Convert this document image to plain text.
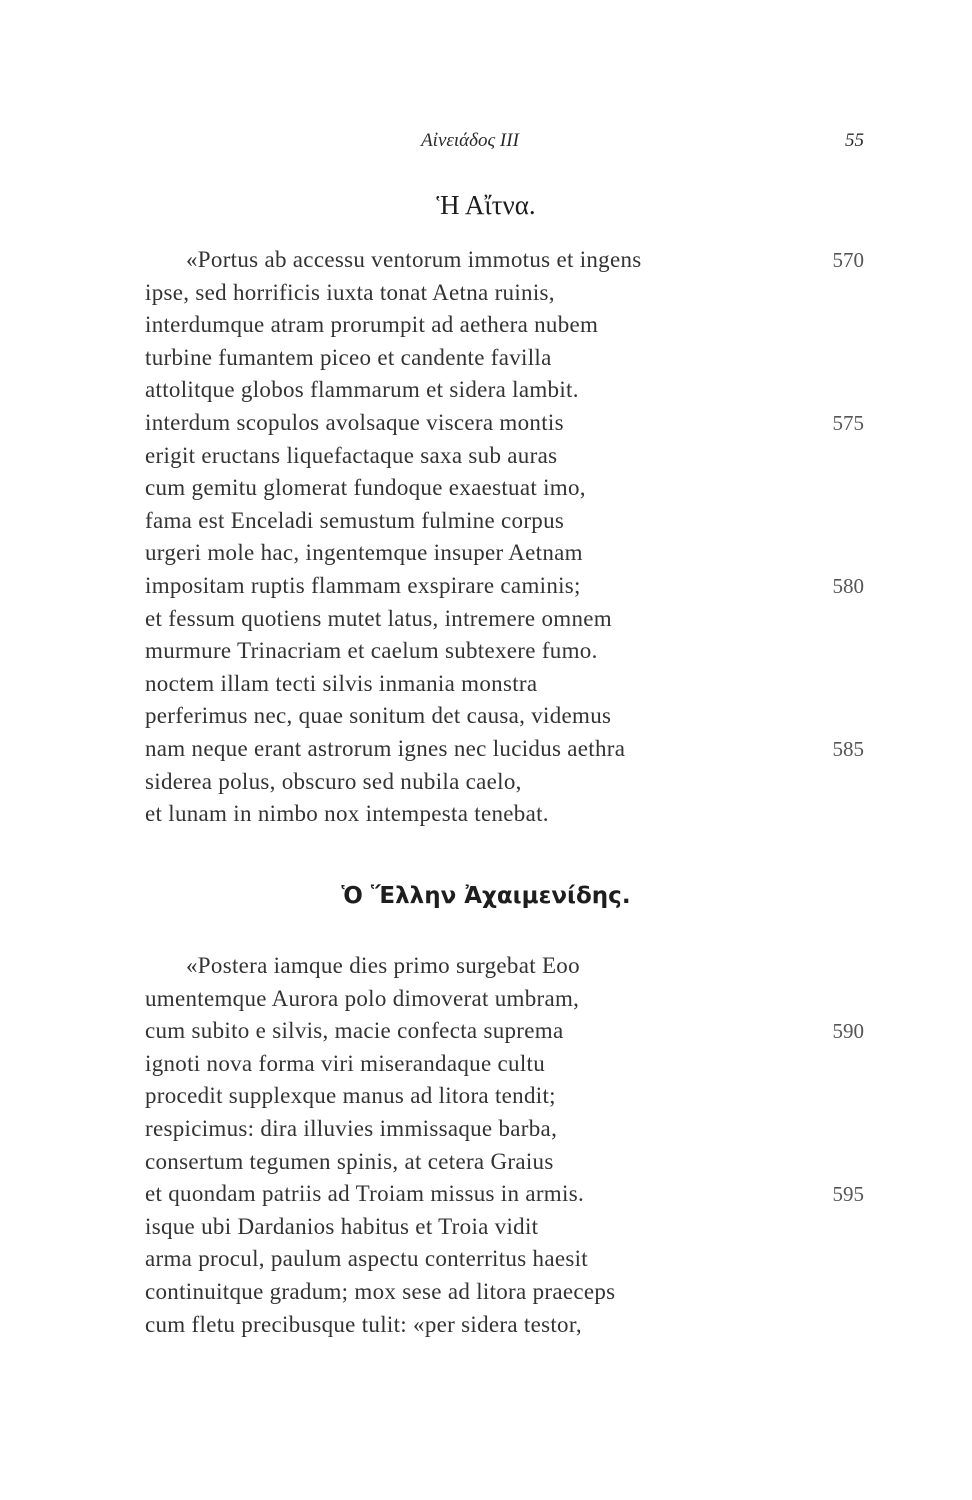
Αἰνειάδος III	55
Ἡ Αἴτνα.
«Portus ab accessu ventorum immotus et ingens	570
ipse, sed horrificis iuxta tonat Aetna ruinis,
interdumque atram prorumpit ad aethera nubem
turbine fumantem piceo et candente favilla
attolitque globos flammarum et sidera lambit.
interdum scopulos avolsaque viscera montis	575
erigit eructans liquefactaque saxa sub auras
cum gemitu glomerat fundoque exaestuat imo,
fama est Enceladi semustum fulmine corpus
urgeri mole hac, ingentemque insuper Aetnam
impositam ruptis flammam exspirare caminis;	580
et fessum quotiens mutet latus, intremere omnem
murmure Trinacriam et caelum subtexere fumo.
noctem illam tecti silvis inmania monstra
perferimus nec, quae sonitum det causa, videmus
nam neque erant astrorum ignes nec lucidus aethra	585
siderea polus, obscuro sed nubila caelo,
et lunam in nimbo nox intempesta tenebat.
Ὁ Ἕλλην Ἀχαιμενίδης.
«Postera iamque dies primo surgebat Eoo
umentemque Aurora polo dimoverat umbram,
cum subito e silvis, macie confecta suprema	590
ignoti nova forma viri miserandaque cultu
procedit supplexque manus ad litora tendit;
respicimus: dira illuvies immissaque barba,
consertum tegumen spinis, at cetera Graius
et quondam patriis ad Troiam missus in armis.	595
isque ubi Dardanios habitus et Troia vidit
arma procul, paulum aspectu conterritus haesit
continuitque gradum; mox sese ad litora praeceps
cum fletu precibusque tulit: «per sidera testor,
